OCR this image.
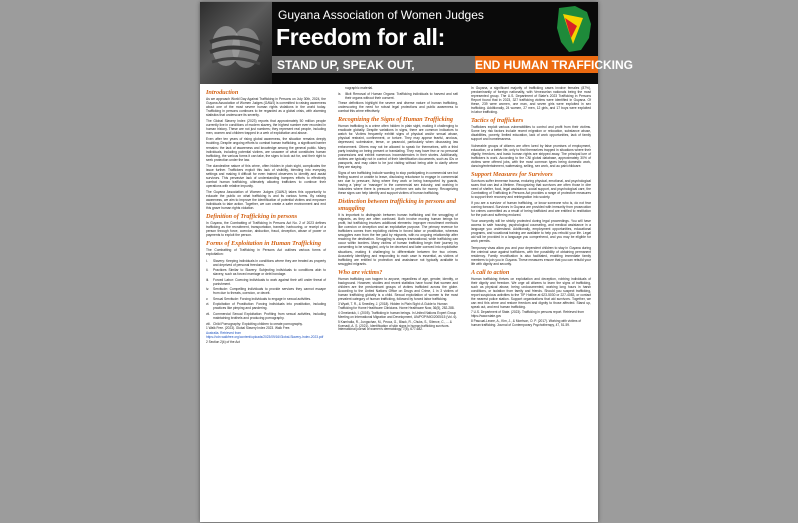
Guyana Association of Women Judges
Freedom for all:
STAND UP, SPEAK OUT,	END HUMAN TRAFFICKING
Introduction

As we approach World Day Against Trafficking in Persons on July 30th, 2024, the Guyana Association of Women Judges (GAWJ) is committed to raising awareness about one of the most severe human rights violations in the world today. Trafficking in persons continues to be regarded as a global crisis, with alarming statistics that underscore its severity.

The Global Slavery Index (2023) reports that approximately 50 million people currently live in conditions of modern slavery, the highest number ever recorded in human history. These are not just numbers; they represent real people, including men, women and children trapped in a web of exploitation and abuse.

Even after ten years of rising global awareness, the situation remains deeply troubling. Despite ongoing efforts to combat human trafficking, a significant barrier remains: the lack of awareness and knowledge among the general public. Many individuals, including potential victims, are unaware of what constitutes human trafficking, the various forms it can take, the signs to look out for, and their right to seek protection under the law.

The clandestine nature of this crime, often hidden in plain sight, complicates the issue further. Traffickers exploit this lack of visibility, blending into everyday settings and making it difficult for even trained observers to identify and assist survivors. This pervasive lack of understanding hampers efforts to effectively combat human trafficking, ultimately allowing traffickers to continue their operations with relative impunity.

The Guyana Association of Women Judges (GAWJ) takes this opportunity to educate the public on what trafficking is and its various forms. By raising awareness, we aim to improve the identification of potential victims and empower individuals to take action. Together, we can create a safer environment and end this grave human rights violation.

Definition of Trafficking in persons

In Guyana, the Combatting of Trafficking in Persons Act No. 2 of 2023 defines trafficking as the recruitment, transportation, transfer, harbouring, or receipt of a person through force, coercion, abduction, fraud, deception, abuse of power or payments to exploit the person.

Forms of Exploitation in Human Trafficking

The Combatting of Trafficking in Persons Act outlines various forms of exploitation:

i. Slavery: Keeping individuals in conditions where they are treated as property and deprived of personal freedoms.
ii. Practices Similar to Slavery: Subjecting individuals to conditions akin to slavery, such as forced marriage or debt bondage.
iii. Forced Labor: Coercing individuals to work against their will under threat of punishment.
iv. Servitude: Compelling individuals to provide services they cannot escape from due to threats, coercion, or deceit.
v. Sexual Servitude: Forcing individuals to engage in sexual activities.
vi. Exploitation of Prostitution: Forcing individuals into prostitution, including practices like pimping and pandering.
vii. Commercial Sexual Exploitation: Profiting from sexual activities, including maintaining brothels and producing pornography.
viii. Child Pornography: Exploiting children to create pornography.

1 Walk Free. (2023). Global Slavery Index 2023. Walk Free.

Australia. Retrieved from https://cdn.walkfree.org/content/uploads/2023/09/16/Global-Slavery-Index-2023.pdf

2 Section 2(k) of the Act

nographic material.
ix. Illicit Removal of Human Organs: Trafficking individuals to harvest and sell their organs without their consent.

These definitions highlight the severe and diverse nature of human trafficking, underscoring the need for robust legal protections and public awareness to combat this crime effectively.

Recognizing the Signs of Human Trafficking

Human trafficking is a crime often hidden in plain sight, making it challenging to eradicate globally. Despite variations in signs, there are common indicators to watch for. Victims frequently exhibit signs of physical and/or sexual abuse, physical restraint, confinement, or torture. They may appear fearful, anxious, depressed, submissive, tense, or paranoid, particularly when discussing law enforcement. Others may not be allowed to speak for themselves, with a third party insisting on being present or translating. They may have few or no personal possessions and exhibit numerous inconsistencies in their stories. Additionally, victims are typically not in control of their identification documents, such as IDs or passports, and may claim to be just visiting without being able to clarify where they are staying.

Signs of sex trafficking include wanting to stop participating in commercial sex but feeling scared or unable to leave, disclosing reluctance to engage in commercial sex due to pressure, living where they work or being transported by guards, having a 'pimp' or 'manager' in the commercial sex industry, and working in industries where there is pressure to perform sex acts for money. Recognizing these signs can help identify and support victims of human trafficking.

Distinction between trafficking in persons and smuggling

It is important to distinguish between human trafficking and the smuggling of migrants, as they are often confused. Both involve moving human beings for profit, but trafficking involves additional elements: improper recruitment methods like coercion or deception and an exploitative purpose. The primary revenue for traffickers comes from exploiting victims in forced labor or prostitution, whereas smugglers earn from the fee paid by migrants, with no ongoing relationship after reaching the destination. Smuggling is always transnational, while trafficking can occur within borders. Many victims of human trafficking begin their journey by consenting to be smuggled, only to be deceived and later coerced into exploitative situations, making it challenging to differentiate between the two crimes. Accurately identifying and responding to each case is essential, as victims of trafficking are entitled to protection and assistance not typically available to smuggled migrants.

Who are victims?

Human trafficking can happen to anyone, regardless of age, gender, identity, or background. However, studies and recent statistics have found that women and children are the predominant groups of victims trafficked across the globe. According to the United Nations Office on Drugs and Crime, 1 in 3 victims of human trafficking globally is a child. Sexual exploitation of women is the most prevalent category of human trafficking, followed by forced labor trafficking.

3 Wyatt, T. R., & Smedley, J. (2018). Hidden in Plain Sight: A Guide to Human Trafficking for Home Healthcare Clinicians. Home Healthcare Now, 36(5), 282-288.

4 Omelaniuk, I. (2005). Trafficking in human beings. In United Nations Expert Group Meeting on International Migration and Development, UN/POP/MIG/2005/15 (Vol. 6).

5 Kamhalla, R., Jungschan, M., Pecca, G., Black, R., Chuks, S., Silence, C., ... & Koenadi, A. S. (2021). Identification of skin signs in human trafficking survivors. International journal of women's dermatology, 7(5), 677-682.

In Guyana, a significant majority of trafficking cases involve females (87%), predominantly of foreign nationality, with Venezuelan nationals being the most represented group. The U.S. Department of State's 2023 Trafficking in Persons Report found that in 2023, 327 trafficking victims were identified in Guyana. Of these, 239 were women, one man, and seven girls were exploited in sex trafficking. Additionally, 24 women, 27 men, 12 girls, and 17 boys were exploited in labor trafficking.

Tactics of traffickers

Traffickers exploit various vulnerabilities to control and profit from their victims. Some key risk factors include recent migration or relocation, substance abuse, disabilities, poverty, limited education, lack of work opportunities, lack of family support and homelessness.

Vulnerable groups of citizens are often lured by false promises of employment, education, or a better life, only to find themselves trapped in situations where their dignity, freedom, and basic human rights are stripped away. The principal lure of traffickers is work. According to the CNI global database, approximately 30% of victims were offered jobs, with the most common types being domestic work, dancing/entertainment, waitressing, selling, sex work, and au pair/childcare.

Support Measures for Survivors

Survivors suffer immense trauma, enduring physical, emotional, and psychological scars that can last a lifetime. Recognizing that survivors are often those in dire need of shelter, food, legal assistance, social support, and psychological care, the Combatting of Trafficking in Persons Act provides a range of protective measures to support their recovery and reintegration into society.

If you are a survivor of human trafficking, or know someone who is, do not fear coming forward. Survivors in Guyana are provided with immunity from prosecution for crimes committed as a result of being trafficked and are entitled to restitution for the pain and suffering endured.

Your anonymity will be strictly protected during legal proceedings. You will have access to safe housing, psychological counseling, and medical assistance in a language you understand. Additionally, employment opportunities, educational programs, and vocational training are available to help you rebuild your life. Legal aid will be provided in a language you comprehend, and you may be eligible for work permits.

Temporary visas allow you and your dependent children to stay in Guyana during the criminal case against traffickers, with the possibility of obtaining permanent residency. Family reunification is also facilitated, enabling immediate family members to join you in Guyana. These measures ensure that you can rebuild your life with dignity and security.

A call to action

Human trafficking thrives on exploitation and deception, robbing individuals of their dignity and freedom. We urge all citizens to learn the signs of trafficking, such as physical abuse, being undocumented, working long hours in harsh conditions, or isolation from family and friends. Should you suspect trafficking, report suspicious activities to the TIP Hotline at 623-5030 or 227-4083, or contact the nearest police station. Support organizations that aid survivors. Together, we can end this crime and restore freedom and dignity to those affected. Stand up, speak out, and end human trafficking.

7 U.S. Department of State. (2023). Trafficking in persons report. Retrieved from https://www.state.gov

8 Pascual-Leone, A., Kim, J., & Morrison, O. P. (2017). Working with victims of human trafficking. Journal of Contemporary Psychotherapy, 47, 51-59.
